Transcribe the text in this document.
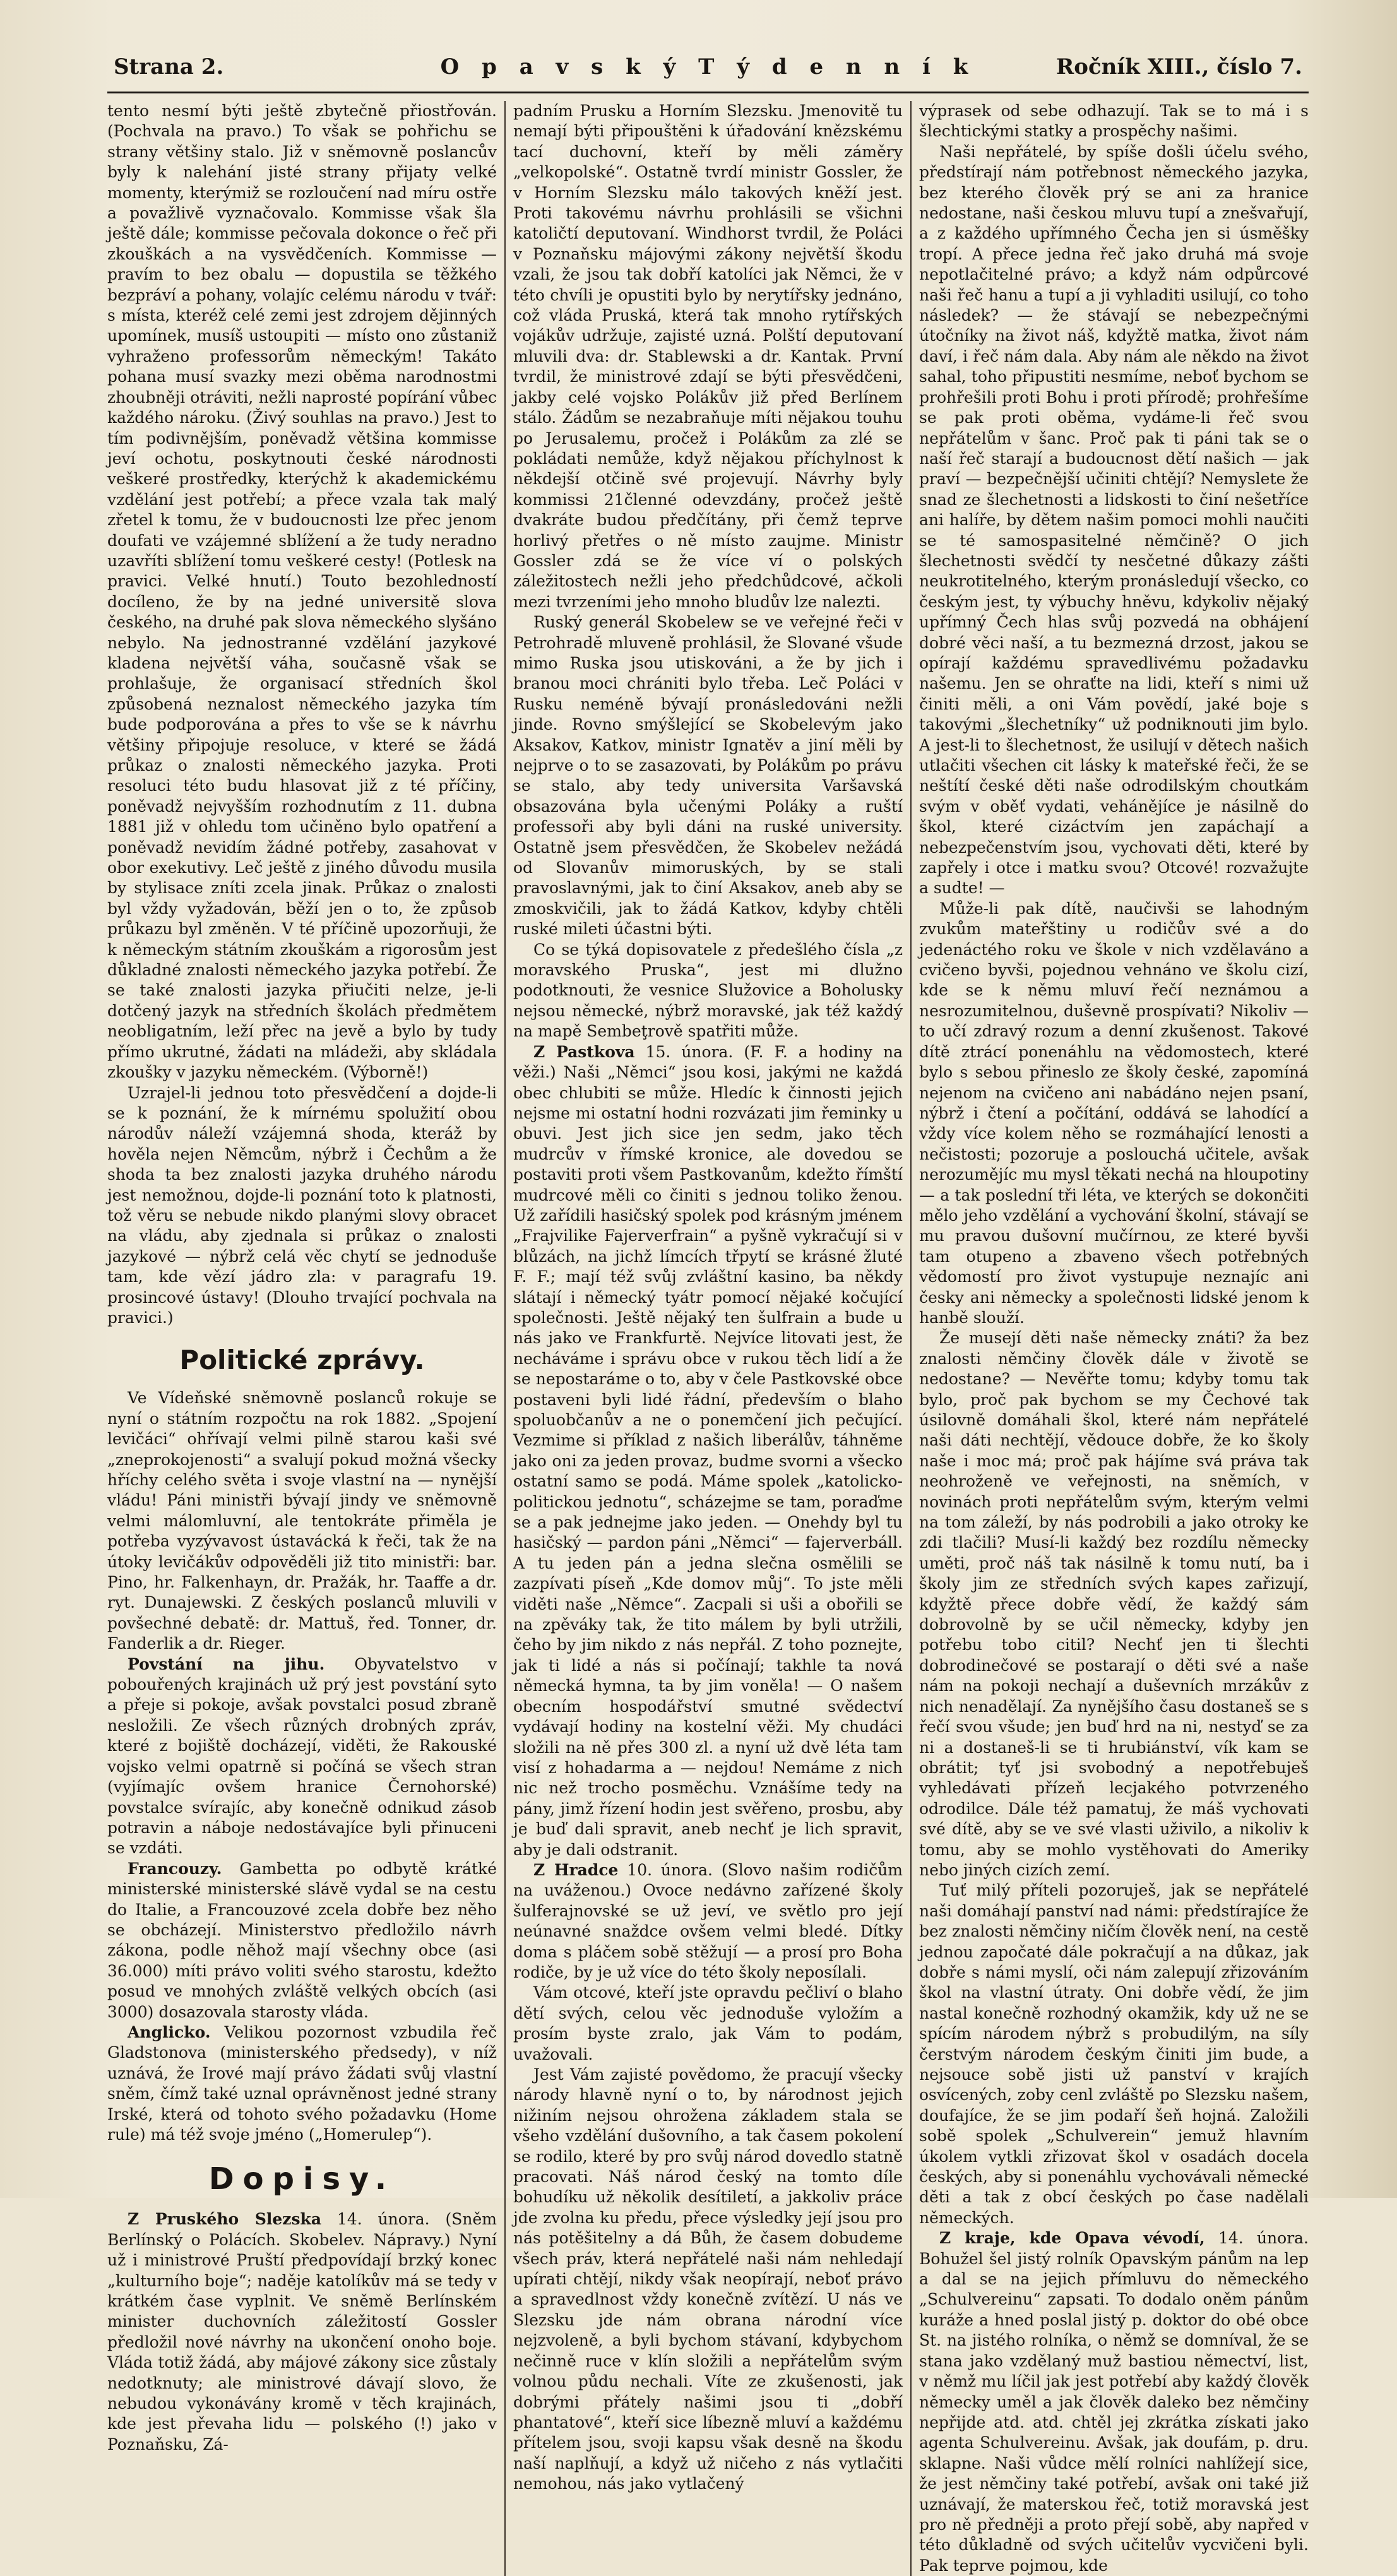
Strana 2.	O p a v s k ý T ý d e n n í k	Ročník XIII., číslo 7.

tento nesmí býti ještě zbytečně přiostřován. (Pochvala na pravo.) To však se pohřichu se strany většiny stalo. Již v sněmovně poslancův byly k nalehání jisté strany přijaty velké momenty, kterýmiž se rozloučení nad míru ostře a považlivě vyznačovalo. Kommisse však šla ještě dále; kommisse pečovala dokonce o řeč při zkouškách a na vysvědčeních. Kommisse — pravím to bez obalu — dopustila se těžkého bezpráví a pohany, volajíc celému národu v tvář: s místa, kteréž celé zemi jest zdrojem dějinných upomínek, musíš ustoupiti — místo ono zůstaniž vyhraženo professorům německým! Takáto pohana musí svazky mezi oběma narodnostmi zhoubněji otráviti, nežli naprosté popírání vůbec každého nároku. (Živý souhlas na pravo.) Jest to tím podivnějším, poněvadž většina kommisse jeví ochotu, poskytnouti české národnosti veškeré prostředky, kterýchž k akademickému vzdělání jest potřebí; a přece vzala tak malý zřetel k tomu, že v budoucnosti lze přec jenom doufati ve vzájemné sblížení a že tudy neradno uzavříti sblížení tomu veškeré cesty! (Potlesk na pravici. Velké hnutí.) Touto bezohledností docíleno, že by na jedné universitě slova českého, na druhé pak slova německého slyšáno nebylo. Na jednostranné vzdělání jazykové kladena největší váha, současně však se prohlašuje, že organisací středních škol způsobená neznalost německého jazyka tím bude podporována a přes to vše se k návrhu většiny připojuje resoluce, v které se žádá průkaz o znalosti německého jazyka. Proti resoluci této budu hlasovat již z té příčiny, poněvadž nejvyšším rozhodnutím z 11. dubna 1881 již v ohledu tom učiněno bylo opatření a poněvadž nevidím žádné potřeby, zasahovat v obor exekutivy. Leč ještě z jiného důvodu musila by stylisace zníti zcela jinak. Průkaz o znalosti byl vždy vyžadován, běží jen o to, že způsob průkazu byl změněn. V té příčině upozorňuji, že k německým státním zkouškám a rigorosům jest důkladné znalosti německého jazyka potřebí. Že se také znalosti jazyka přiučiti nelze, je-li dotčený jazyk na středních školách předmětem neobligatním, leží přec na jevě a bylo by tudy přímo ukrutné, žádati na mládeži, aby skládala zkoušky v jazyku německém. (Výborně!)

Uzrajel-li jednou toto přesvědčení a dojde-li se k poznání, že k mírnému spolužití obou národův náleží vzájemná shoda, kteráž by hověla nejen Němcům, nýbrž i Čechům a že shoda ta bez znalosti jazyka druhého národu jest nemožnou, dojde-li poznání toto k platnosti, tož věru se nebude nikdo planými slovy obracet na vládu, aby zjednala si průkaz o znalosti jazykové — nýbrž celá věc chytí se jednoduše tam, kde vězí jádro zla: v paragrafu 19. prosincové ústavy! (Dlouho trvající pochvala na pravici.)

Politické zprávy.

Ve Vídeňské sněmovně poslanců rokuje se nyní o státním rozpočtu na rok 1882. „Spojení levičáci“ ohřívají velmi pilně starou kaši své „zneprokojenosti“ a svalují pokud možná všecky hříchy celého světa i svoje vlastní na — nynější vládu! Páni ministři bývají jindy ve sněmovně velmi málomluvní, ale tentokráte přiměla je potřeba vyzývavost ústavácká k řeči, tak že na útoky levičákův odpověděli již tito ministři: bar. Pino, hr. Falkenhayn, dr. Pražák, hr. Taaffe a dr. ryt. Dunajewski. Z českých poslanců mluvili v povšechné debatě: dr. Mattuš, řed. Tonner, dr. Fanderlik a dr. Rieger.

Povstání na jihu. Obyvatelstvo v pobouřených krajinách už prý jest povstání syto a přeje si pokoje, avšak povstalci posud zbraně nesložili. Ze všech různých drobných zpráv, které z bojiště docházejí, viděti, že Rakouské vojsko velmi opatrně si počíná se všech stran (vyjímajíc ovšem hranice Černohorské) povstalce svírajíc, aby konečně odnikud zásob potravin a náboje nedostávajíce byli přinuceni se vzdáti.

Francouzy. Gambetta po odbytě krátké ministerské ministerské slávě vydal se na cestu do Italie, a Francouzové zcela dobře bez něho se obcházejí. Ministerstvo předložilo návrh zákona, podle něhož mají všechny obce (asi 36.000) míti právo voliti svého starostu, kdežto posud ve mnohých zvláště velkých obcích (asi 3000) dosazovala starosty vláda.

Anglicko. Velikou pozornost vzbudila řeč Gladstonova (ministerského předsedy), v níž uznává, že Irové mají právo žádati svůj vlastní sněm, čímž také uznal oprávněnost jedné strany Irské, která od tohoto svého požadavku (Home rule) má též svoje jméno („Homerulер“).

Dopisy.

Z Pruského Slezska 14. února. (Sněm Berlínský o Polácích. Skobelev. Nápravy.) Nyní už i ministrové Pruští předpovídají brzký konec „kulturního boje“; naděje katolíkův má se tedy v krátkém čase vyplnit. Ve sněmě Berlínském minister duchovních záležitostí Gossler předložil nové návrhy na ukončení onoho boje. Vláda totiž žádá, aby májové zákony sice zůstaly nedotknuty; ale ministrové dávají slovo, že nebudou vykonávány kromě v těch krajinách, kde jest převaha lidu — polského (!) jako v Poznaňsku, Zá-

padním Prusku a Horním Slezsku. Jmenovitě tu nemají býti připouštěni k úřadování knězskému tací duchovní, kteří by měli záměry „velkopolské“. Ostatně tvrdí ministr Gossler, že v Horním Slezsku málo takových kněží jest. Proti takovému návrhu prohlásili se všichni katoličtí deputovaní. Windhorst tvrdil, že Poláci v Poznaňsku májovými zákony největší škodu vzali, že jsou tak dobří katolíci jak Němci, že v této chvíli je opustiti bylo by nerytířsky jednáno, což vláda Pruská, která tak mnoho rytířských vojákův udržuje, zajisté uzná. Polští deputovaní mluvili dva: dr. Stablewski a dr. Kantak. První tvrdil, že ministrové zdají se býti přesvědčeni, jakby celé vojsko Polákův již před Berlínem stálo. Žádům se nezabraňuje míti nějakou touhu po Jerusalemu, pročež i Polákům za zlé se pokládati nemůže, když nějakou příchylnost k někdejší otčině své projevují. Návrhy byly kommissi 21členné odevzdány, pročež ještě dvakráte budou předčítány, při čemž teprve horlivý přetřes o ně místo zaujme. Ministr Gossler zdá se že více ví o polských záležitostech nežli jeho předchůdcové, ačkoli mezi tvrzeními jeho mnoho bludův lze nalezti.

Ruský generál Skobelew se ve veřejné řeči v Petrohradě mluveně prohlásil, že Slované všude mimo Ruska jsou utiskováni, a že by jich i branou moci chrániti bylo třeba. Leč Poláci v Rusku neméně bývají pronásledováni nežli jinde. Rovno smýšlející se Skobelevým jako Aksakov, Katkov, ministr Ignatěv a jiní měli by nejprve o to se zasazovati, by Polákům po právu se stalo, aby tedy universita Varšavská obsazována byla učenými Poláky a ruští professoři aby byli dáni na ruské university. Ostatně jsem přesvědčen, že Skobelev nežádá od Slovanův mimoruských, by se stali pravoslavnými, jak to činí Aksakov, aneb aby se zmoskvičili, jak to žádá Katkov, kdyby chtěli ruské mileti účastni býti.

Co se týká dopisovatele z předešlého čísla „z moravského Pruska“, jest mi dlužno podotknouti, že vesnice Služovice a Boholusky nejsou německé, nýbrž moravské, jak též každý na mapě Sembeţrově spatřiti může.

Z Pastkova 15. února. (F. F. a hodiny na věži.) Naši „Němci“ jsou kosi, jakými ne každá obec chlubiti se může. Hledíc k činnosti jejich nejsme mi ostatní hodni rozvázati jim řeminky u obuvi. Jest jich sice jen sedm, jako těch mudrcův v římské kronice, ale dovedou se postaviti proti všem Pastkovanům, kdežto římští mudrcové měli co činiti s jednou toliko ženou. Už zařídili hasičský spolek pod krásným jménem „Frajvilike Fajerverfrain“ a pyšně vykračují si v blůzách, na jichž límcích třpytí se krásné žluté F. F.; mají též svůj zvláštní kasino, ba někdy slátají i německý tyátr pomocí nějaké kočující společnosti. Ještě nějaký ten šulfrain a bude u nás jako ve Frankfurtě. Nejvíce litovati jest, že necháváme i správu obce v rukou těch lidí a že se nepostaráme o to, aby v čele Pastkovské obce postaveni byli lidé řádní, především o blaho spoluobčanův a ne o ponemčení jich pečující. Vezmime si příklad z našich liberálův, táhněme jako oni za jeden provaz, budme svorni a všecko ostatní samo se podá. Máme spolek „katolicko-politickou jednotu“, scházejme se tam, poraďme se a pak jednejme jako jeden. — Onehdy byl tu hasičský — pardon páni „Němci“ — fajerverbáll. A tu jeden pán a jedna slečna osmělili se zazpívati píseň „Kde domov můj“. To jste měli viděti naše „Němce“. Zacpali si uši a obořili se na zpěváky tak, že tito málem by byli utržili, čeho by jim nikdo z nás nepřál. Z toho poznejte, jak ti lidé a nás si počínají; takhle ta nová německá hymna, ta by jim voněla! — O našem obecním hospodářství smutné svědectví vydávají hodiny na kostelní věži. My chudáci složili na ně přes 300 zl. a nyní už dvě léta tam visí z hohadarma a — nejdou! Nemáme z nich nic než trocho posměchu. Vznášíme tedy na pány, jimž řízení hodin jest svěřeno, prosbu, aby je buď dali spravit, aneb nechť je lich spravit, aby je dali odstranit.

Z Hradce 10. února. (Slovo našim rodičům na uváženou.) Ovoce nedávno zařízené školy šulferajnovské se už jeví, ve světlo pro její neúnavné snaždce ovšem velmi bledé. Dítky doma s pláčem sobě stěžují — a prosí pro Boha rodiče, by je už více do této školy neposílali.

Vám otcové, kteří jste opravdu pečliví o blaho dětí svých, celou věc jednoduše vyložím a prosím byste zralo, jak Vám to podám, uvažovali.

Jest Vám zajisté povědomo, že pracují všecky národy hlavně nyní o to, by národnost jejich nižiním nejsou ohrožena základem stala se všeho vzdělání dušovního, a tak časem pokolení se rodilo, které by pro svůj národ dovedlo statně pracovati. Náš národ český na tomto díle bohudíku už několik desítiletí, a jakkoliv práce jde zvolna ku předu, přece výsledky její jsou pro nás potěšitelny a dá Bůh, že časem dobudeme všech práv, která nepřátelé naši nám nehledají upírati chtějí, nikdy však neopírají, neboť právo a spravedlnost vždy konečně zvítězí. U nás ve Slezsku jde nám obrana národní více nejzvoleně, a byli bychom stávaní, kdybychom nečinně ruce v klín složili a nepřátelům svým volnou půdu nechali. Víte ze zkušenosti, jak dobrými přátely našimi jsou ti „dobří phantatové“, kteří sice líbezně mluví a každému přítelem jsou, svoji kapsu však desně na škodu naší naplňují, a když už ničeho z nás vytlačiti nemohou, nás jako vytlačený

výprasek od sebe odhazují. Tak se to má i s šlechtickými statky a prospěchy našimi.

Naši nepřátelé, by spíše došli účelu svého, předstírají nám potřebnost německého jazyka, bez kterého člověk prý se ani za hranice nedostane, naši českou mluvu tupí a znešvařují, a z každého upřímného Čecha jen si úsměšky tropí. A přece jedna řeč jako druhá má svoje nepotlačitelné právo; a když nám odpůrcové naši řeč hanu a tupí a ji vyhladiti usilují, co toho následek? — že stávají se nebezpečnými útočníky na život náš, kdyžtě matka, život nám daví, i řeč nám dala. Aby nám ale někdo na život sahal, toho připustiti nesmíme, neboť bychom se prohřešili proti Bohu i proti přírodě; prohřešíme se pak proti oběma, vydáme-li řeč svou nepřátelům v šanc. Proč pak ti páni tak se o naší řeč starají a budoucnost dětí našich — jak praví — bezpečnější učiniti chtějí? Nemyslete že snad ze šlechetnosti a lidskosti to činí nešetříce ani halíře, by dětem našim pomoci mohli naučiti se té samospasitelné němčině? O jich šlechetnosti svědčí ty nesčetné důkazy zášti neukrotitelného, kterým pronásledují všecko, co českým jest, ty výbuchy hněvu, kdykoliv nějaký upřímný Čech hlas svůj pozvedá na obhájení dobré věci naší, a tu bezmezná drzost, jakou se opírají každému spravedlivému požadavku našemu. Jen se ohraťte na lidi, kteří s nimi už činiti měli, a oni Vám povědí, jaké boje s takovými „šlechetníky“ už podniknouti jim bylo. A jest-li to šlechetnost, že usilují v dětech našich utlačiti všechen cit lásky k mateřské řeči, že se neštítí české děti naše odrodilským choutkám svým v oběť vydati, vehánějíce je násilně do škol, které cizáctvím jen zapáchají a nebezpečenstvím jsou, vychovati děti, které by zapřely i otce i matku svou? Otcové! rozvažujte a sudte! —

Může-li pak dítě, naučivši se lahodným zvukům mateřštiny u rodičův své a do jedenáctého roku ve škole v nich vzdělaváno a cvičeno byvši, pojednou vehnáno ve školu cizí, kde se k němu mluví řečí neznámou a nesrozumitelnou, duševně prospívati? Nikoliv — to učí zdravý rozum a denní zkušenost. Takové dítě ztrácí ponenáhlu na vědomostech, které bylo s sebou přineslo ze školy české, zapomíná nejenom na cvičeno ani nabádáno nejen psaní, nýbrž i čtení a počítání, oddává se lahodící a vždy více kolem něho se rozmáhající lenosti a nečistosti; pozoruje a poslouchá učitele, avšak nerozumějíc mu mysl těkati nechá na hloupotiny — a tak poslední tři léta, ve kterých se dokončiti mělo jeho vzdělání a vychování školní, stávají se mu pravou dušovní mučírnou, ze které byvši tam otupeno a zbaveno všech potřebných vědomostí pro život vystupuje neznajíc ani česky ani německy a společnosti lidské jenom k hanbě slouží.

Že musejí děti naše německy znáti? ža bez znalosti němčiny člověk dále v životě se nedostane? — Nevěřte tomu; kdyby tomu tak bylo, proč pak bychom se my Čechové tak úsilovně domáhali škol, které nám nepřátelé naši dáti nechtějí, vědouce dobře, že ko školy naše i moc má; proč pak hájíme svá práva tak neohroženě ve veřejnosti, na sněmích, v novinách proti nepřátelům svým, kterým velmi na tom záleží, by nás podrobili a jako otroky ke zdi tlačili? Musí-li každý bez rozdílu německy uměti, proč náš tak násilně k tomu nutí, ba i školy jim ze středních svých kapes zařizují, kdyžtě přece dobře vědí, že každý sám dobrovolně by se učil německy, kdyby jen potřebu tobo citil? Nechť jen ti šlechti dobrodinečové se postarají o děti své a naše nám na pokoji nechají a duševních mrzákův z nich nenadělají. Za nynějšího času dostaneš se s řečí svou všude; jen buď hrd na ni, nestyď se za ni a dostaneš-li se ti hrubiánství, vík kam se obrátit; tyť jsi svobodný a nepotřebuješ vyhledávati přízeň lecjakého potvrzeného odrodilce. Dále též pamatuj, že máš vychovati své dítě, aby se ve své vlasti uživilo, a nikoliv k tomu, aby se mohlo vystěhovati do Ameriky nebo jiných cizích zemí.

Tuť milý příteli pozoruješ, jak se nepřátelé naši domáhají panství nad námi: předstírajíce že bez znalosti němčiny ničím člověk není, na cestě jednou započaté dále pokračují a na důkaz, jak dobře s námi myslí, oči nám zalepují zřizováním škol na vlastní útraty. Oni dobře vědí, že jim nastal konečně rozhodný okamžik, kdy už ne se spícím národem nýbrž s probudilým, na síly čerstvým národem českým činiti jim bude, a nejsouce sobě jisti už panství v krajích osvícených, zoby cenl zvláště po Slezsku našem, doufajíce, že se jim podaří šeň hojná. Založili sobě spolek „Schulverein“ jemuž hlavním úkolem vytkli zřizovat škol v osadách docela českých, aby si ponenáhlu vychovávali německé děti a tak z obcí českých po čase nadělali německých.

Z kraje, kde Opava vévodí, 14. února. Bohužel šel jistý rolník Opavským pánům na lep a dal se na jejich přímluvu do německého „Schulvereinu“ zapsati. To dodalo oněm pánům kuráže a hned poslal jistý p. doktor do obé obce St. na jistého rolníka, o němž se domníval, že se stana jako vzdělaný muž bastiou němectví, list, v němž mu líčil jak jest potřebí aby každý člověk německy uměl a jak člověk daleko bez němčiny nepřijde atd. atd. chtěl jej zkrátka získati jako agenta Schulvereinu. Avšak, jak doufám, p. dru. sklapne. Naši vůdce mělí rolníci nahlížejí sice, že jest němčiny také potřebí, avšak oni také již uznávají, že materskou řeč, totiž moravská jest pro ně předněji a proto přejí sobě, aby napřed v této důkladně od svých učitelův vycvičeni byli. Pak teprve pojmou, kde
